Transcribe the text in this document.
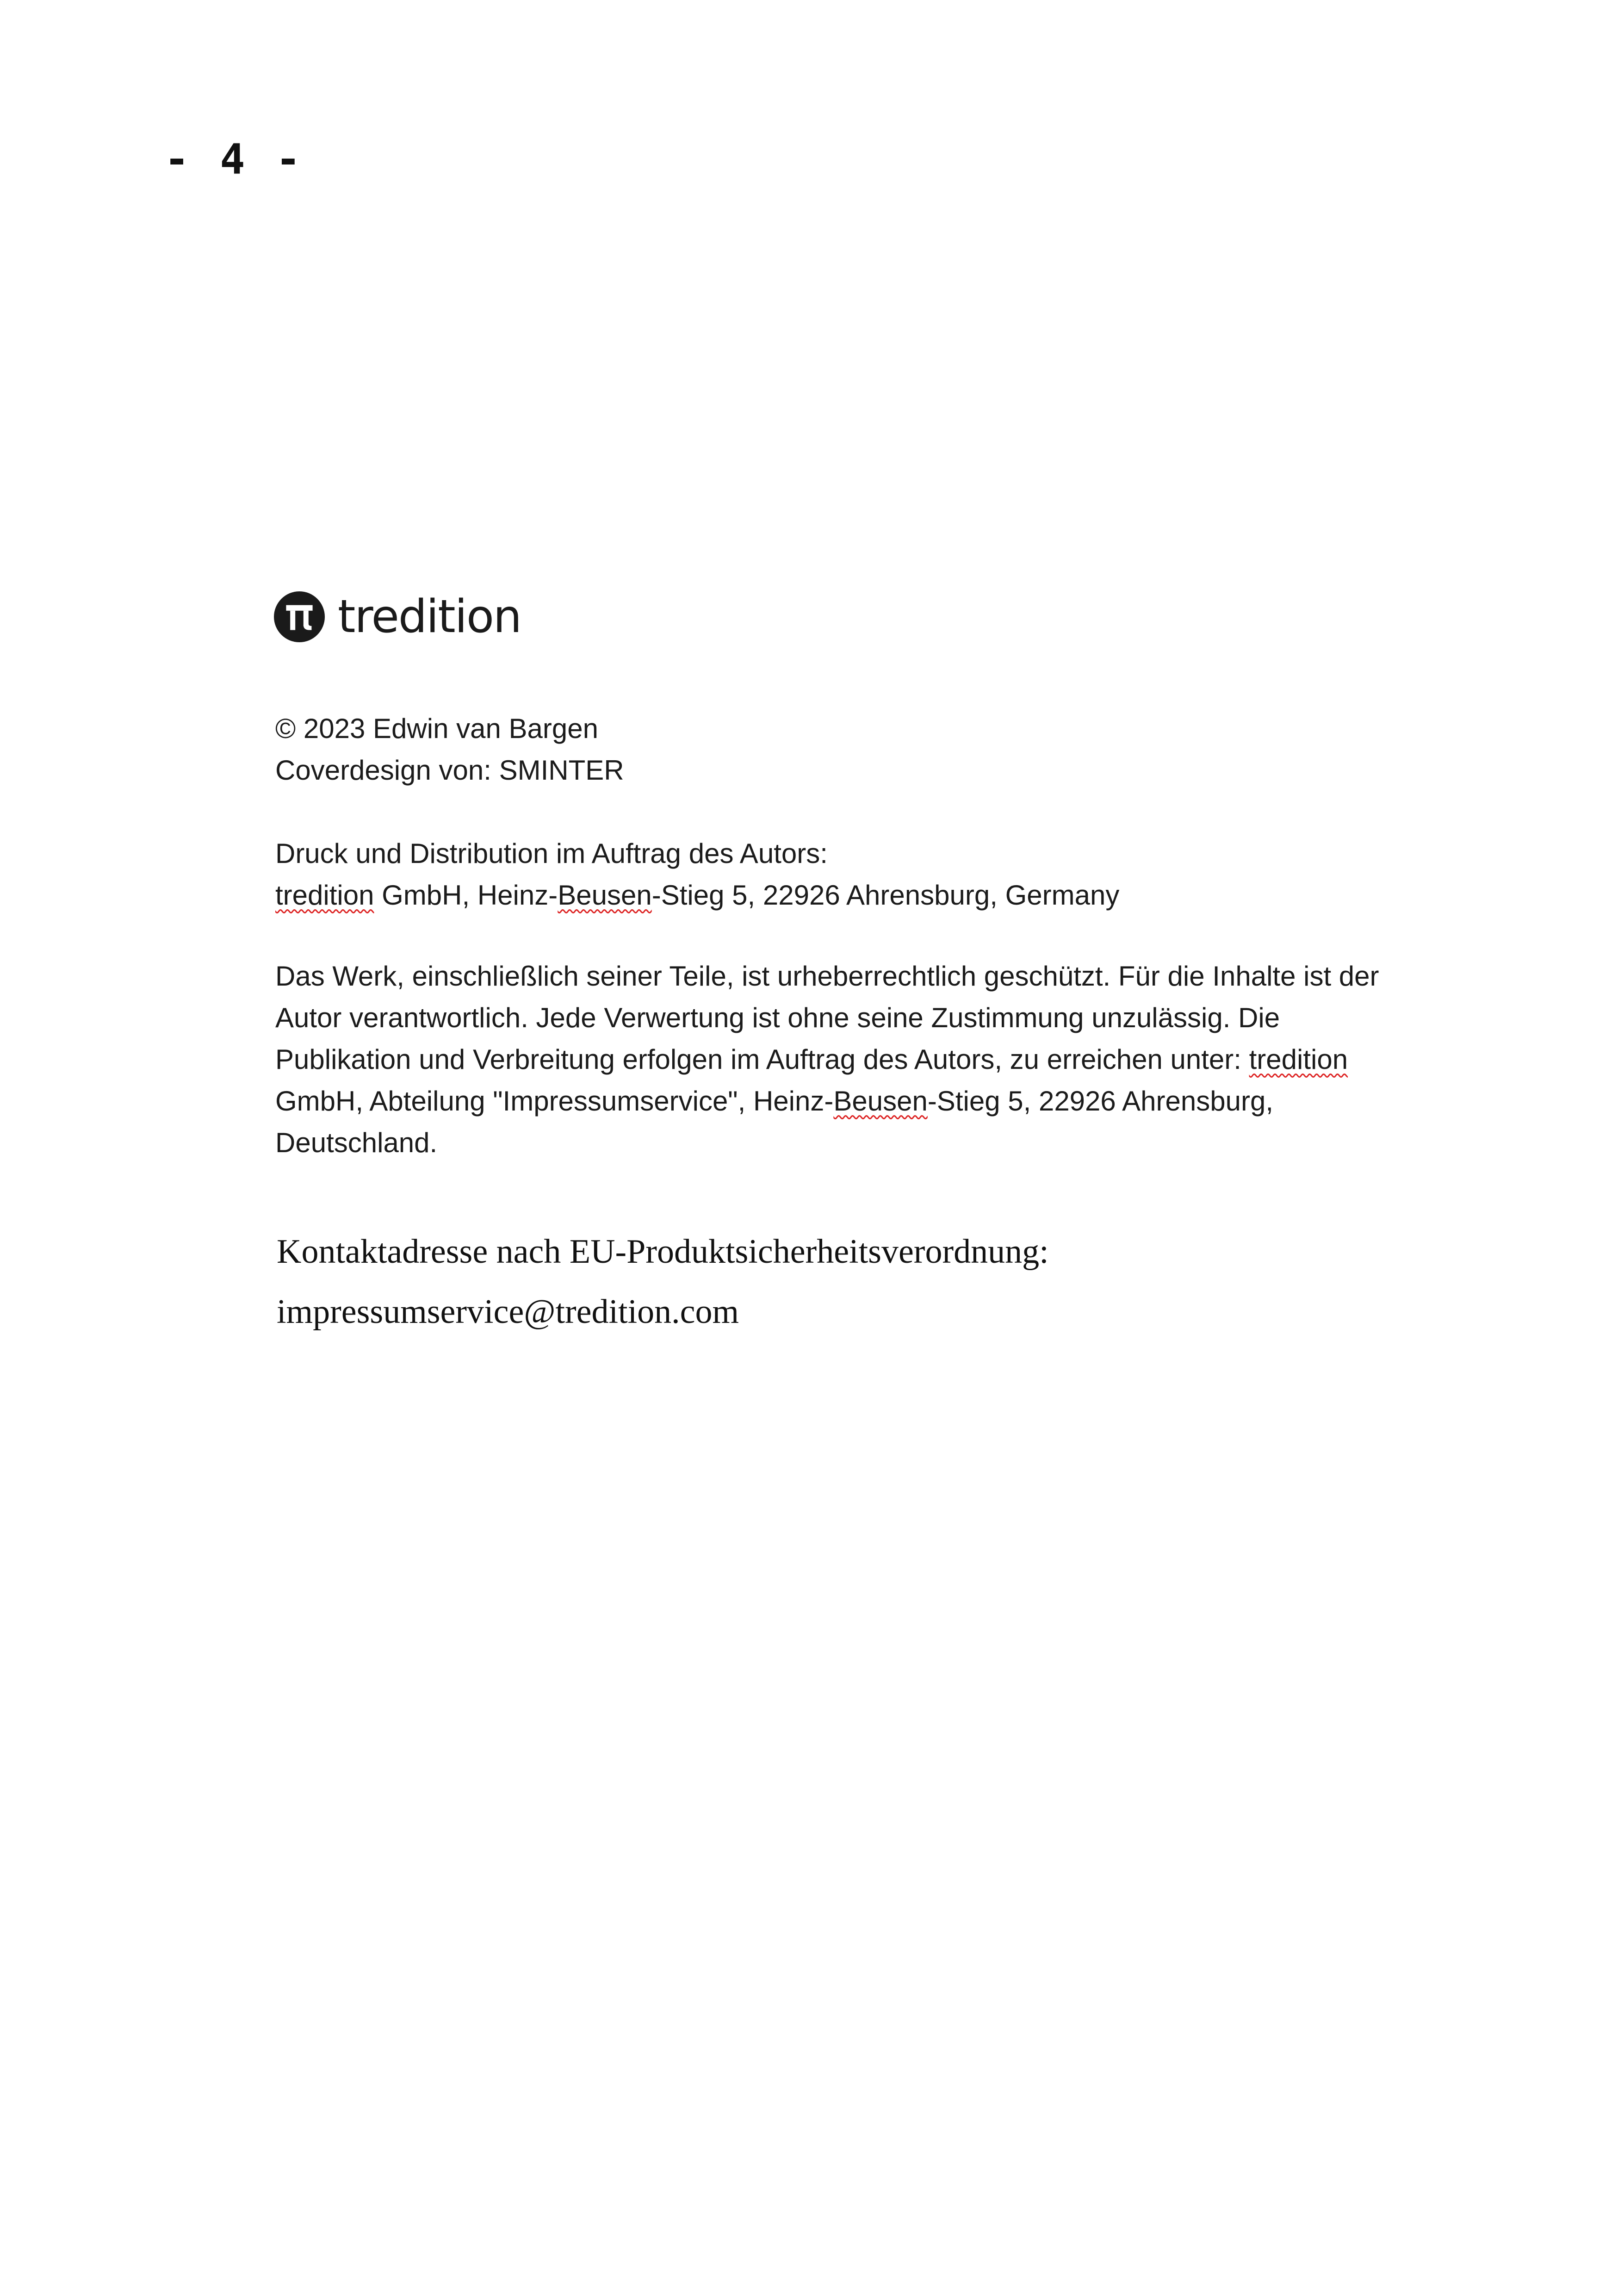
- 4 -
tredition

© 2023 Edwin van Bargen

Coverdesign von: SMINTER

Druck und Distribution im Auftrag des Autors:

tredition GmbH, Heinz-Beusen-Stieg 5, 22926 Ahrensburg, Germany

Das Werk, einschließlich seiner Teile, ist urheberrechtlich geschützt. Für die Inhalte ist der Autor verantwortlich. Jede Verwertung ist ohne seine Zustimmung unzulässig. Die Publikation und Verbreitung erfolgen im Auftrag des Autors, zu erreichen unter: tredition GmbH, Abteilung "Impressumservice", Heinz-Beusen-Stieg 5, 22926 Ahrensburg, Deutschland.

Kontaktadresse nach EU-Produktsicherheitsverordnung:

impressumservice@tredition.com
